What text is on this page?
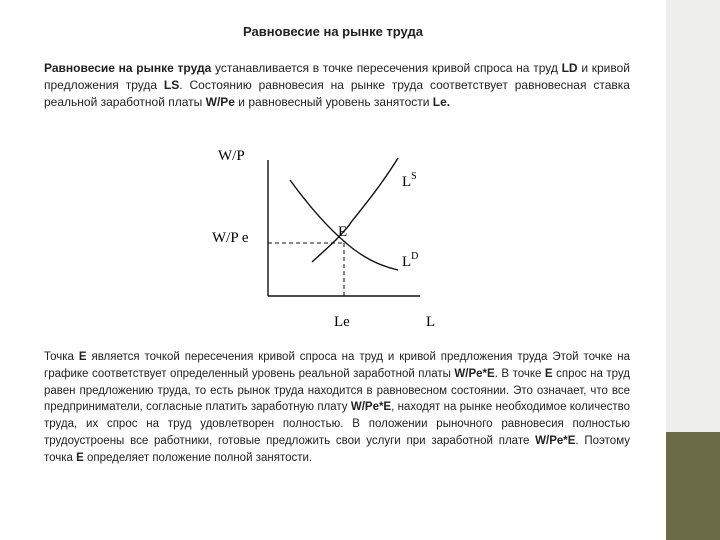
Равновесие на рынке труда
Равновесие на рынке труда устанавливается в точке пересечения кривой спроса на труд LD и кривой предложения труда LS. Состоянию равновесия на рынке труда соответствует равновесная ставка реальной заработной платы W/Pe и равновесный уровень занятости Le.
W/P
L
W/P e
Le
E
$L^S$
$L^D$
Точка E является точкой пересечения кривой спроса на труд и кривой предложения труда Этой точке на графике соответствует определенный уровень реальной заработной платы W/Pe*E. В точке E спрос на труд равен предложению труда, то есть рынок труда находится в равновесном состоянии. Это означает, что все предприниматели, согласные платить заработную плату W/Pe*E, находят на рынке необходимое количество труда, их спрос на труд удовлетворен полностью. В положении рыночного равновесия полностью трудоустроены все работники, готовые предложить свои услуги при заработной плате W/Pe*E. Поэтому точка E определяет положение полной занятости.
